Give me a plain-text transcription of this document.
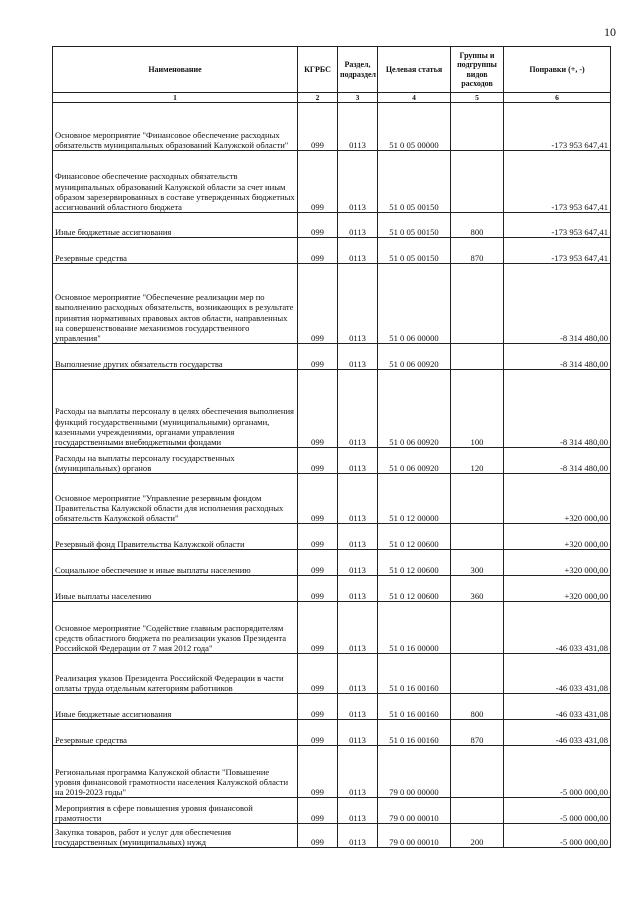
10
Наименование	КГРБС	Раздел, подраздел	Целевая статья	Группы и подгруппы видов расходов	Поправки (+, -)
1	2	3	4	5	6
Основное мероприятие "Финансовое обеспечение расходных обязательств муниципальных образований Калужской области"	099	0113	51 0 05 00000		-173 953 647,41
Финансовое обеспечение расходных обязательств муниципальных образований Калужской области за счет иным образом зарезервированных в составе утвержденных бюджетных ассигнований областного бюджета	099	0113	51 0 05 00150		-173 953 647,41
Иные бюджетные ассигнования	099	0113	51 0 05 00150	800	-173 953 647,41
Резервные средства	099	0113	51 0 05 00150	870	-173 953 647,41
Основное мероприятие "Обеспечение реализации мер по выполнению расходных обязательств, возникающих в результате принятия нормативных правовых актов области, направленных на совершенствование механизмов государственного управления"	099	0113	51 0 06 00000		-8 314 480,00
Выполнение других обязательств государства	099	0113	51 0 06 00920		-8 314 480,00
Расходы на выплаты персоналу в целях обеспечения выполнения функций государственными (муниципальными) органами, казенными учреждениями, органами управления государственными внебюджетными фондами	099	0113	51 0 06 00920	100	-8 314 480,00
Расходы на выплаты персоналу государственных (муниципальных) органов	099	0113	51 0 06 00920	120	-8 314 480,00
Основное мероприятие "Управление резервным фондом Правительства Калужской области для исполнения расходных обязательств Калужской области"	099	0113	51 0 12 00000		+320 000,00
Резервный фонд Правительства Калужской области	099	0113	51 0 12 00600		+320 000,00
Социальное обеспечение и иные выплаты населению	099	0113	51 0 12 00600	300	+320 000,00
Иные выплаты населению	099	0113	51 0 12 00600	360	+320 000,00
Основное мероприятие "Содействие главным распорядителям средств областного бюджета по реализации указов Президента Российской Федерации от 7 мая 2012 года"	099	0113	51 0 16 00000		-46 033 431,08
Реализация указов Президента Российской Федерации в части оплаты труда отдельным категориям работников	099	0113	51 0 16 00160		-46 033 431,08
Иные бюджетные ассигнования	099	0113	51 0 16 00160	800	-46 033 431,08
Резервные средства	099	0113	51 0 16 00160	870	-46 033 431,08
Региональная программа Калужской области "Повышение уровня финансовой грамотности населения Калужской области на 2019-2023 годы"	099	0113	79 0 00 00000		-5 000 000,00
Мероприятия в сфере повышения уровня финансовой грамотности	099	0113	79 0 00 00010		-5 000 000,00
Закупка товаров, работ и услуг для обеспечения государственных (муниципальных) нужд	099	0113	79 0 00 00010	200	-5 000 000,00
